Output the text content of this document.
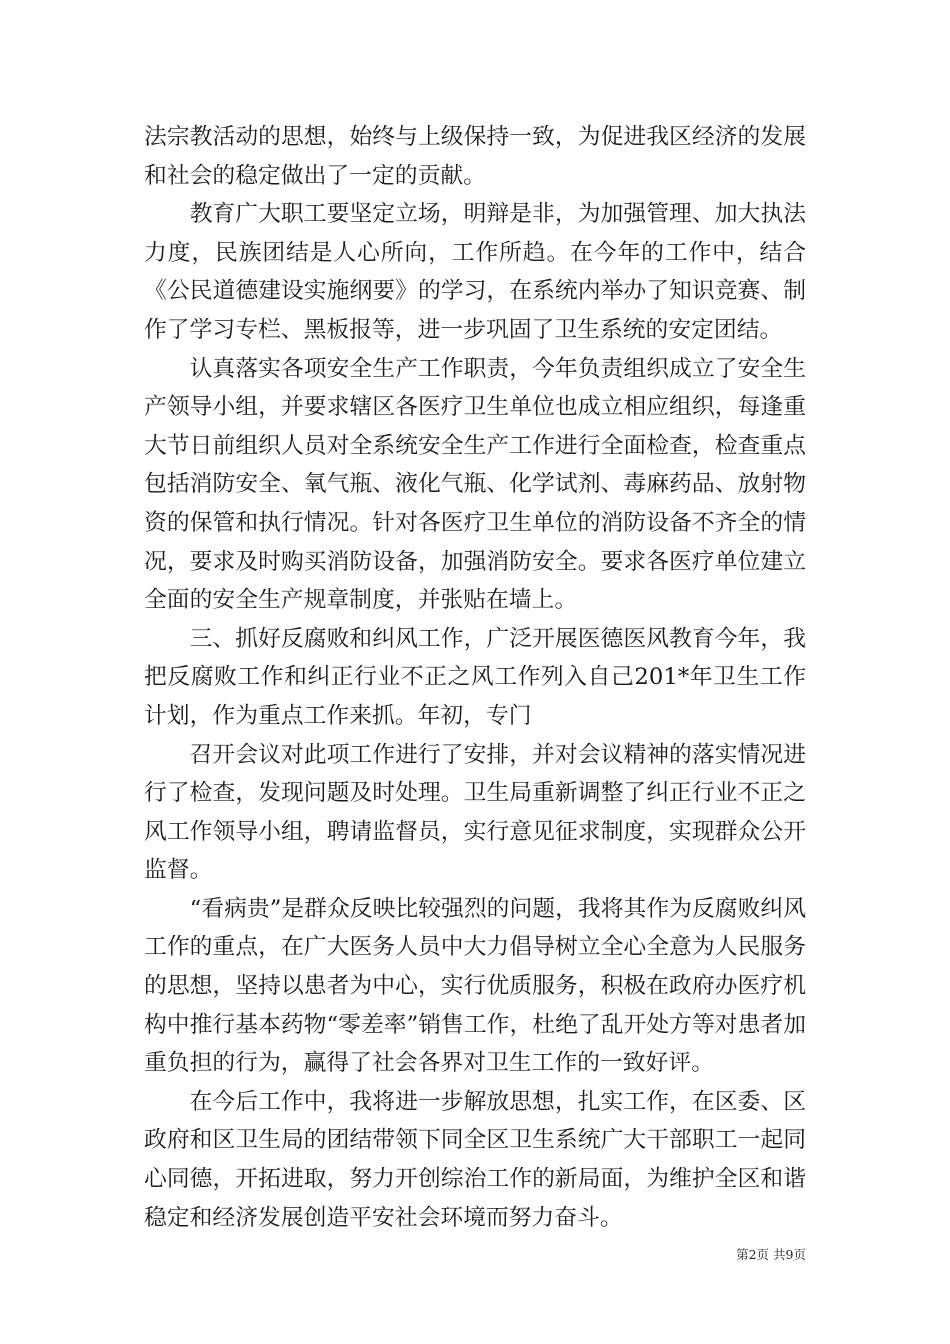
法宗教活动的思想，始终与上级保持一致，为促进我区经济的发展和社会的稳定做出了一定的贡献。

教育广大职工要坚定立场，明辩是非，为加强管理、加大执法力度，民族团结是人心所向，工作所趋。在今年的工作中，结合《公民道德建设实施纲要》的学习，在系统内举办了知识竞赛、制作了学习专栏、黑板报等，进一步巩固了卫生系统的安定团结。

认真落实各项安全生产工作职责，今年负责组织成立了安全生产领导小组，并要求辖区各医疗卫生单位也成立相应组织，每逢重大节日前组织人员对全系统安全生产工作进行全面检查，检查重点包括消防安全、氧气瓶、液化气瓶、化学试剂、毒麻药品、放射物资的保管和执行情况。针对各医疗卫生单位的消防设备不齐全的情况，要求及时购买消防设备，加强消防安全。要求各医疗单位建立全面的安全生产规章制度，并张贴在墙上。

三、抓好反腐败和纠风工作，广泛开展医德医风教育今年，我把反腐败工作和纠正行业不正之风工作列入自己201*年卫生工作计划，作为重点工作来抓。年初，专门

召开会议对此项工作进行了安排，并对会议精神的落实情况进行了检查，发现问题及时处理。卫生局重新调整了纠正行业不正之风工作领导小组，聘请监督员，实行意见征求制度，实现群众公开监督。

“看病贵”是群众反映比较强烈的问题，我将其作为反腐败纠风工作的重点，在广大医务人员中大力倡导树立全心全意为人民服务的思想，坚持以患者为中心，实行优质服务，积极在政府办医疗机构中推行基本药物“零差率”销售工作，杜绝了乱开处方等对患者加重负担的行为，赢得了社会各界对卫生工作的一致好评。

在今后工作中，我将进一步解放思想，扎实工作，在区委、区政府和区卫生局的团结带领下同全区卫生系统广大干部职工一起同心同德，开拓进取，努力开创综治工作的新局面，为维护全区和谐稳定和经济发展创造平安社会环境而努力奋斗。

第2页 共9页
